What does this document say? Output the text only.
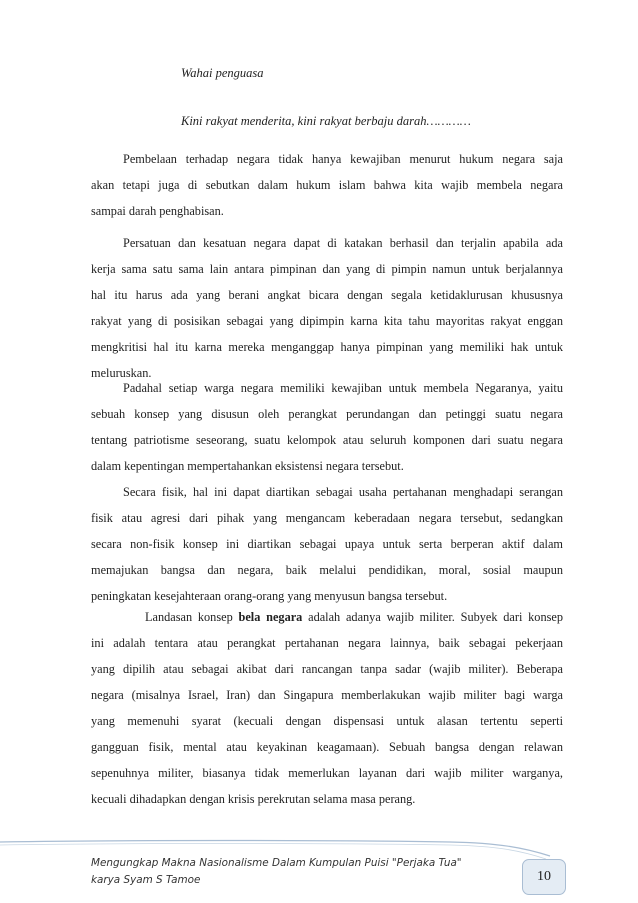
Wahai penguasa
Kini rakyat menderita, kini rakyat berbaju darah…………
Pembelaan terhadap negara tidak hanya kewajiban menurut hukum negara saja
akan tetapi juga di sebutkan dalam hukum islam bahwa kita wajib membela negara
sampai darah penghabisan.
Persatuan dan kesatuan negara dapat di katakan berhasil dan terjalin apabila ada
kerja sama satu sama lain antara pimpinan dan yang di pimpin namun untuk berjalannya
hal itu harus ada yang berani angkat bicara dengan segala ketidaklurusan khususnya
rakyat yang di posisikan sebagai yang dipimpin karna kita tahu mayoritas rakyat enggan
mengkritisi hal itu karna mereka menganggap hanya pimpinan yang memiliki hak untuk
meluruskan.
Padahal setiap warga negara memiliki kewajiban untuk membela Negaranya, yaitu
sebuah konsep yang disusun oleh perangkat perundangan dan petinggi suatu negara
tentang patriotisme seseorang, suatu kelompok atau seluruh komponen dari suatu negara
dalam kepentingan mempertahankan eksistensi negara tersebut.
Secara fisik, hal ini dapat diartikan sebagai usaha pertahanan menghadapi serangan
fisik atau agresi dari pihak yang mengancam keberadaan negara tersebut, sedangkan
secara non-fisik konsep ini diartikan sebagai upaya untuk serta berperan aktif dalam
memajukan bangsa dan negara, baik melalui pendidikan, moral, sosial maupun
peningkatan kesejahteraan orang-orang yang menyusun bangsa tersebut.
Landasan konsep bela negara adalah adanya wajib militer. Subyek dari konsep
ini adalah tentara atau perangkat pertahanan negara lainnya, baik sebagai pekerjaan
yang dipilih atau sebagai akibat dari rancangan tanpa sadar (wajib militer). Beberapa
negara (misalnya Israel, Iran) dan Singapura memberlakukan wajib militer bagi warga
yang memenuhi syarat (kecuali dengan dispensasi untuk alasan tertentu seperti
gangguan fisik, mental atau keyakinan keagamaan). Sebuah bangsa dengan relawan
sepenuhnya militer, biasanya tidak memerlukan layanan dari wajib militer warganya,
kecuali dihadapkan dengan krisis perekrutan selama masa perang.
Mengungkap Makna Nasionalisme Dalam Kumpulan Puisi "Perjaka Tua"
karya Syam S Tamoe	10
